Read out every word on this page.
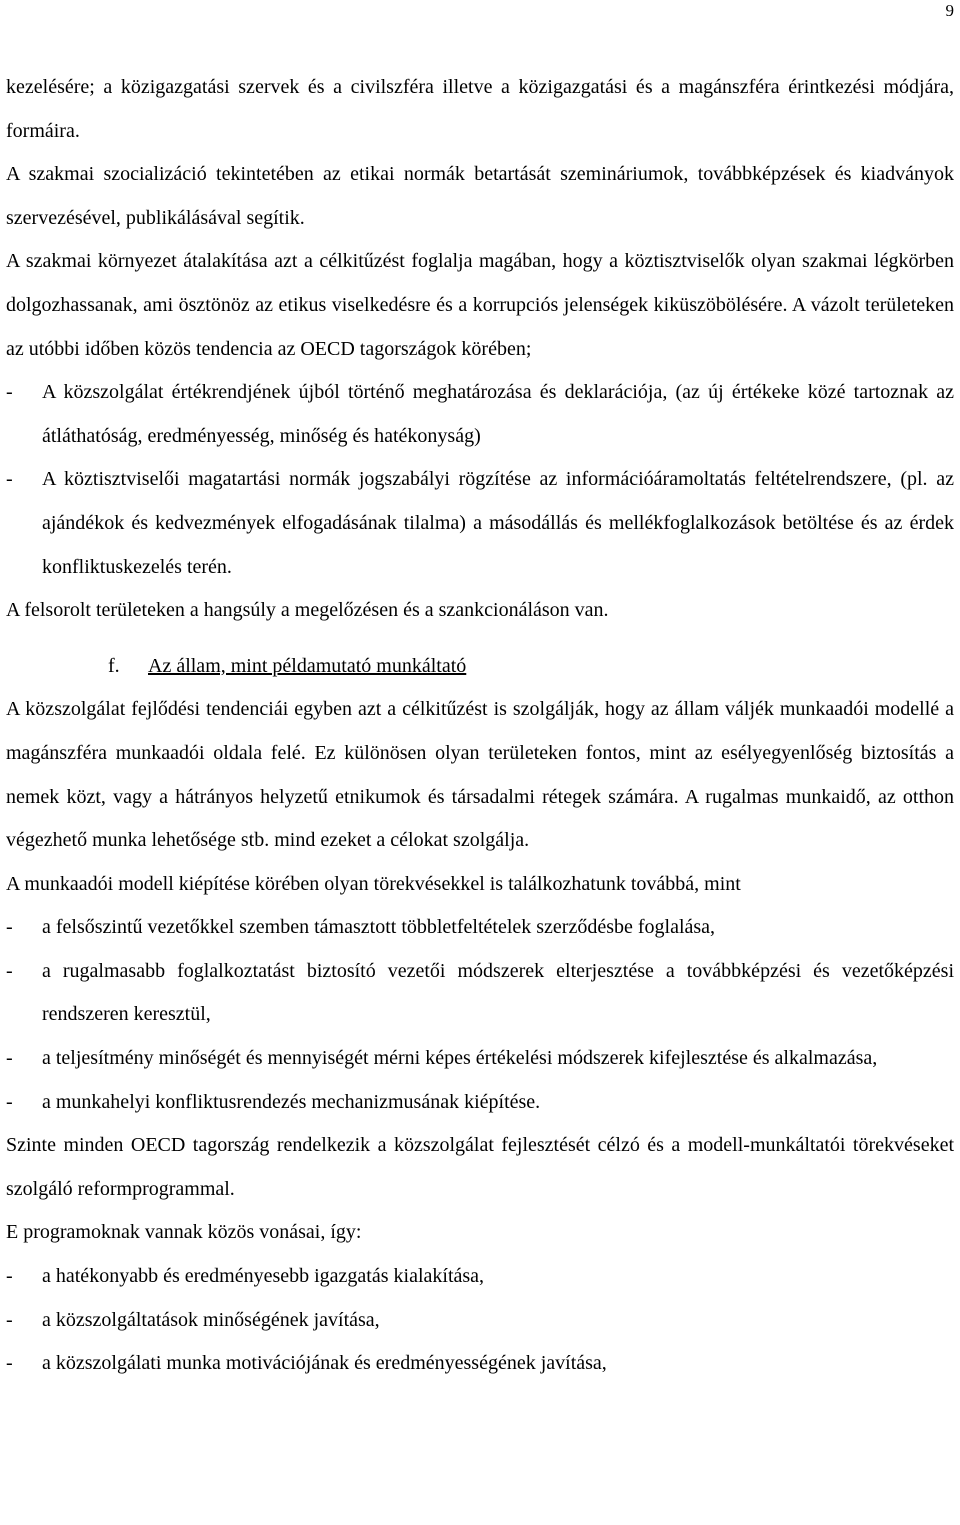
9

kezelésére; a közigazgatási szervek és a civilszféra illetve a közigazgatási és a magánszféra érintkezési módjára, formáira.

A szakmai szocializáció tekintetében az etikai normák betartását szemináriumok, továbbképzések és kiadványok szervezésével, publikálásával segítik.

A szakmai környezet átalakítása azt a célkitűzést foglalja magában, hogy a köztisztviselők olyan szakmai légkörben dolgozhassanak, ami ösztönöz az etikus viselkedésre és a korrupciós jelenségek kiküszöbölésére. A vázolt területeken az utóbbi időben közös tendencia az OECD tagországok körében;

- A közszolgálat értékrendjének újból történő meghatározása és deklarációja, (az új értékeke közé tartoznak az átláthatóság, eredményesség, minőség és hatékonyság)
- A köztisztviselői magatartási normák jogszabályi rögzítése az információáramoltatás feltételrendszere, (pl. az ajándékok és kedvezmények elfogadásának tilalma) a másodállás és mellékfoglalkozások betöltése és az érdek konfliktuskezelés terén.

A felsorolt területeken a hangsúly a megelőzésen és a szankcionáláson van.

f. Az állam, mint példamutató munkáltató

A közszolgálat fejlődési tendenciái egyben azt a célkitűzést is szolgálják, hogy az állam váljék munkaadói modellé a magánszféra munkaadói oldala felé. Ez különösen olyan területeken fontos, mint az esélyegyenlőség biztosítás a nemek közt, vagy a hátrányos helyzetű etnikumok és társadalmi rétegek számára. A rugalmas munkaidő, az otthon végezhető munka lehetősége stb. mind ezeket a célokat szolgálja.

A munkaadói modell kiépítése körében olyan törekvésekkel is találkozhatunk továbbá, mint

- a felsőszintű vezetőkkel szemben támasztott többletfeltételek szerződésbe foglalása,
- a rugalmasabb foglalkoztatást biztosító vezetői módszerek elterjesztése a továbbképzési és vezetőképzési rendszeren keresztül,
- a teljesítmény minőségét és mennyiségét mérni képes értékelési módszerek kifejlesztése és alkalmazása,
- a munkahelyi konfliktusrendezés mechanizmusának kiépítése.

Szinte minden OECD tagország rendelkezik a közszolgálat fejlesztését célzó és a modell-munkáltatói törekvéseket szolgáló reformprogrammal.

E programoknak vannak közös vonásai, így:

- a hatékonyabb és eredményesebb igazgatás kialakítása,
- a közszolgáltatások minőségének javítása,
- a közszolgálati munka motivációjának és eredményességének javítása,
